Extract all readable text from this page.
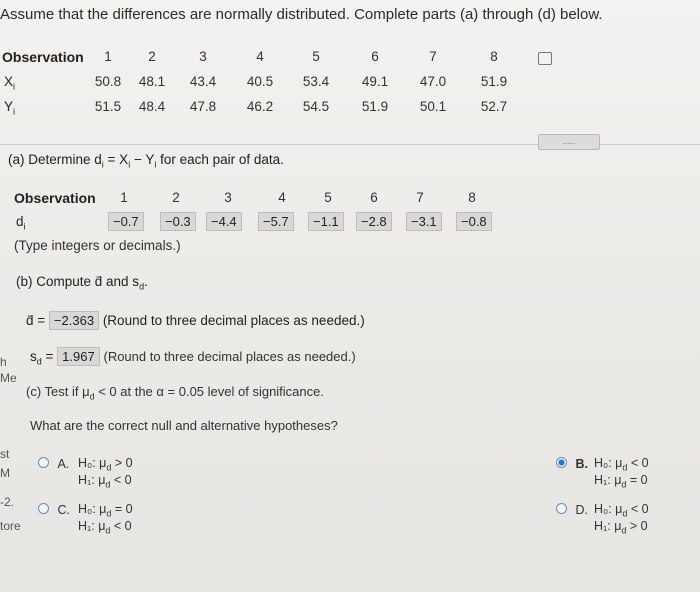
Assume that the differences are normally distributed. Complete parts (a) through (d) below.
Observation	1	2	3	4	5	6	7	8
$X_i$	50.8	48.1	43.4	40.5	53.4	49.1	47.0	51.9
$Y_i$	51.5	48.4	47.8	46.2	54.5	51.9	50.1	52.7
.....
(a) Determine $d_i = X_i - Y_i$ for each pair of data.
Observation	1	2	3	4	5	6	7	8
$d_i$	−0.7	−0.3	−4.4	−5.7	−1.1	−2.8	−3.1	−0.8
(Type integers or decimals.)
(b) Compute d̄ and $s_d$.
d̄ = −2.363 (Round to three decimal places as needed.)
$s_d = 1.967$ (Round to three decimal places as needed.)
(c) Test if $\mu_d < 0$ at the α = 0.05 level of significance.
What are the correct null and alternative hypotheses?
A. H₀: $\mu_d > 0$
H₁: $\mu_d < 0$
B. H₀: $\mu_d < 0$
H₁: $\mu_d = 0$
C. H₀: $\mu_d = 0$
H₁: $\mu_d < 0$
D. H₀: $\mu_d < 0$
H₁: $\mu_d > 0$
h
Me
st
M
-2.
tore
